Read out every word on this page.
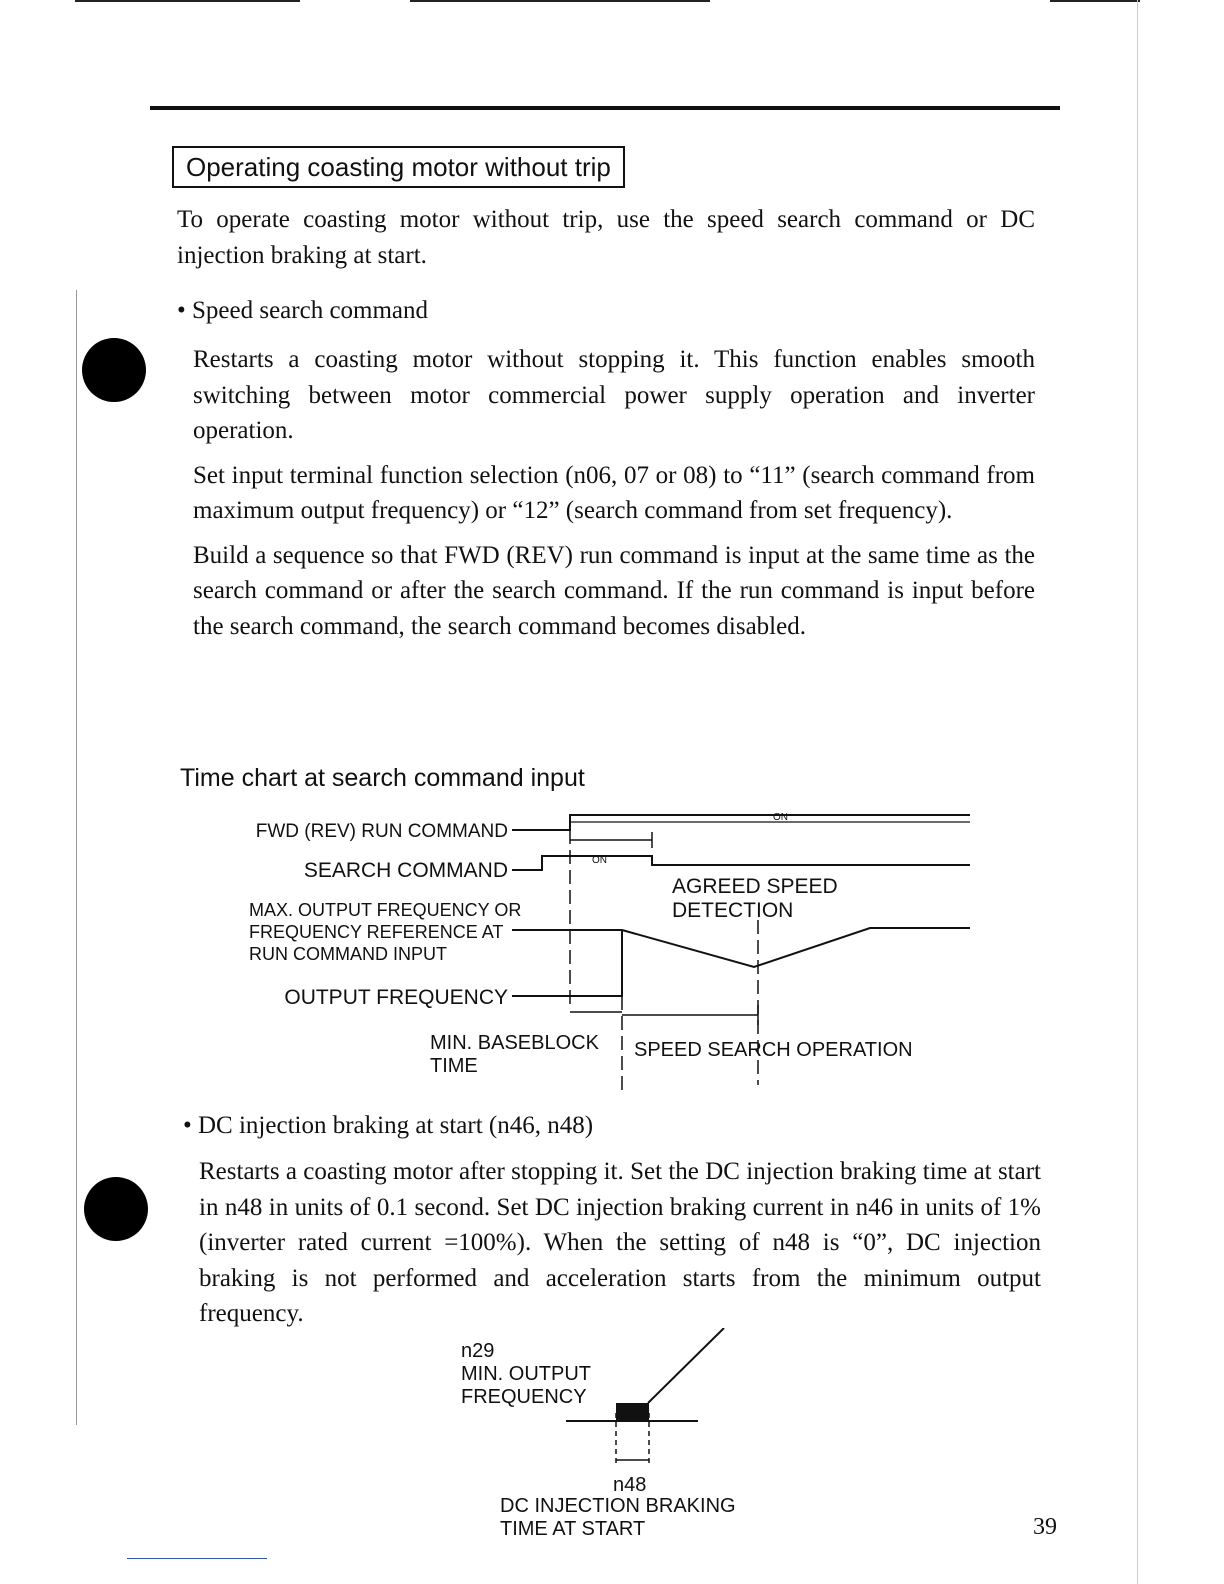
Operating coasting motor without trip

To operate coasting motor without trip, use the speed search command or DC injection braking at start.

• Speed search command

Restarts a coasting motor without stopping it. This function enables smooth switching between motor commercial power supply operation and inverter operation.

Set input terminal function selection (n06, 07 or 08) to “11” (search command from maximum output frequency) or “12” (search command from set frequency).

Build a sequence so that FWD (REV) run command is input at the same time as the search command or after the search command. If the run command is input before the search command, the search command becomes disabled.

Time chart at search command input
FWD (REV) RUN COMMAND
SEARCH COMMAND
MAX. OUTPUT FREQUENCY OR
FREQUENCY REFERENCE AT
RUN COMMAND INPUT
OUTPUT FREQUENCY
ON
ON
AGREED SPEED
DETECTION
MIN. BASEBLOCK
TIME
SPEED SEARCH OPERATION
• DC injection braking at start (n46, n48)

Restarts a coasting motor after stopping it. Set the DC injection braking time at start in n48 in units of 0.1 second. Set DC injection braking current in n46 in units of 1% (inverter rated current =100%). When the setting of n48 is “0”, DC injection braking is not performed and acceleration starts from the minimum output frequency.

n29
MIN. OUTPUT
FREQUENCY
n48
DC INJECTION BRAKING
TIME AT START	39
